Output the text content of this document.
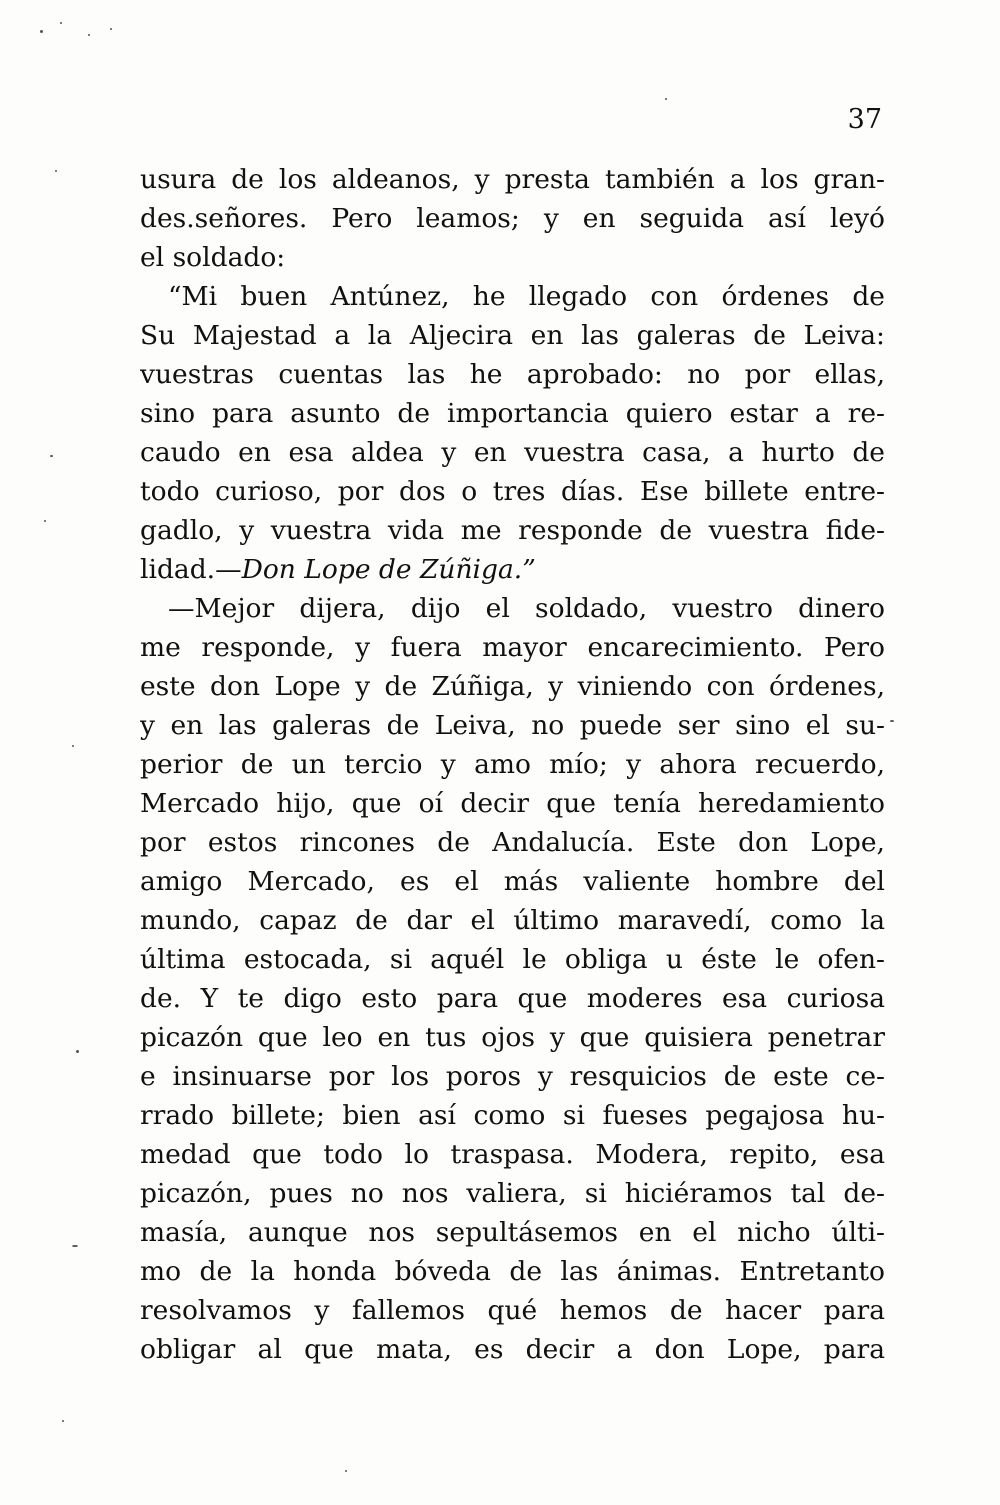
37
usura de los aldeanos, y presta también a los gran-
des.señores. Pero leamos; y en seguida así leyó
el soldado:
“Mi buen Antúnez, he llegado con órdenes de
Su Majestad a la Aljecira en las galeras de Leiva:
vuestras cuentas las he aprobado: no por ellas,
sino para asunto de importancia quiero estar a re-
caudo en esa aldea y en vuestra casa, a hurto de
todo curioso, por dos o tres días. Ese billete entre-
gadlo, y vuestra vida me responde de vuestra fide-
lidad.—Don Lope de Zúñiga.”
—Mejor dijera, dijo el soldado, vuestro dinero
me responde, y fuera mayor encarecimiento. Pero
este don Lope y de Zúñiga, y viniendo con órdenes,
y en las galeras de Leiva, no puede ser sino el su-
perior de un tercio y amo mío; y ahora recuerdo,
Mercado hijo, que oí decir que tenía heredamiento
por estos rincones de Andalucía. Este don Lope,
amigo Mercado, es el más valiente hombre del
mundo, capaz de dar el último maravedí, como la
última estocada, si aquél le obliga u éste le ofen-
de. Y te digo esto para que moderes esa curiosa
picazón que leo en tus ojos y que quisiera penetrar
e insinuarse por los poros y resquicios de este ce-
rrado billete; bien así como si fueses pegajosa hu-
medad que todo lo traspasa. Modera, repito, esa
picazón, pues no nos valiera, si hiciéramos tal de-
masía, aunque nos sepultásemos en el nicho últi-
mo de la honda bóveda de las ánimas. Entretanto
resolvamos y fallemos qué hemos de hacer para
obligar al que mata, es decir a don Lope, para
